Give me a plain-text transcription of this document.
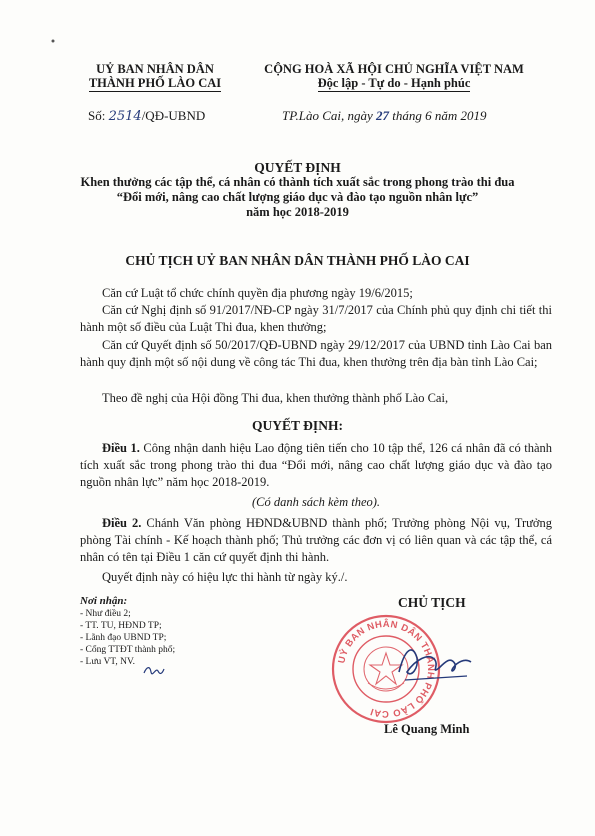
UỶ BAN NHÂN DÂN
THÀNH PHỐ LÀO CAI
CỘNG HOÀ XÃ HỘI CHỦ NGHĨA VIỆT NAM
Độc lập - Tự do - Hạnh phúc
Số: 2514/QĐ-UBND	TP.Lào Cai, ngày 27 tháng 6 năm 2019
QUYẾT ĐỊNH
Khen thưởng các tập thể, cá nhân có thành tích xuất sắc trong phong trào thi đua
“Đổi mới, nâng cao chất lượng giáo dục và đào tạo nguồn nhân lực”
năm học 2018-2019
CHỦ TỊCH UỶ BAN NHÂN DÂN THÀNH PHỐ LÀO CAI
Căn cứ Luật tổ chức chính quyền địa phương ngày 19/6/2015;
Căn cứ Nghị định số 91/2017/NĐ-CP ngày 31/7/2017 của Chính phủ quy định chi tiết thi hành một số điều của Luật Thi đua, khen thưởng;
Căn cứ Quyết định số 50/2017/QĐ-UBND ngày 29/12/2017 của UBND tỉnh Lào Cai ban hành quy định một số nội dung về công tác Thi đua, khen thưởng trên địa bàn tỉnh Lào Cai;
Theo đề nghị của Hội đồng Thi đua, khen thưởng thành phố Lào Cai,
QUYẾT ĐỊNH:
Điều 1. Công nhận danh hiệu Lao động tiên tiến cho 10 tập thể, 126 cá nhân đã có thành tích xuất sắc trong phong trào thi đua “Đổi mới, nâng cao chất lượng giáo dục và đào tạo nguồn nhân lực” năm học 2018-2019.
(Có danh sách kèm theo).
Điều 2. Chánh Văn phòng HĐND&UBND thành phố; Trưởng phòng Nội vụ, Trưởng phòng Tài chính - Kế hoạch thành phố; Thủ trưởng các đơn vị có liên quan và các tập thể, cá nhân có tên tại Điều 1 căn cứ quyết định thi hành.
Quyết định này có hiệu lực thi hành từ ngày ký./.
Nơi nhận:
- Như điều 2;
- TT. TU, HĐND TP;
- Lãnh đạo UBND TP;
- Cổng TTĐT thành phố;
- Lưu VT, NV.
CHỦ TỊCH
UỶ BAN NHÂN DÂN THÀNH PHỐ LÀO CAI
Lê Quang Minh
